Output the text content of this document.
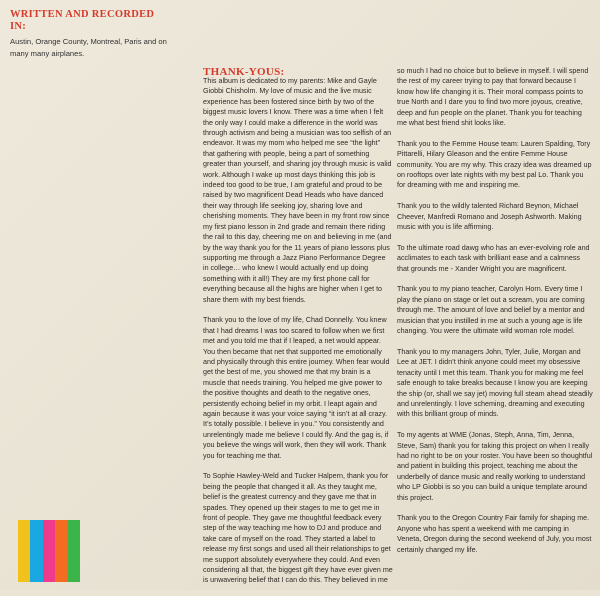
WRITTEN AND RECORDED IN:
Austin, Orange County, Montreal, Paris and on many many airplanes.
THANK-YOUS:

This album is dedicated to my parents: Mike and Gayle Giobbi Chisholm. My love of music and the live music experience has been fostered since birth by two of the biggest music lovers I know. There was a time when I felt the only way I could make a difference in the world was through activism and being a musician was too selfish of an endeavor. It was my mom who helped me see “the light” that gathering with people, being a part of something greater than yourself, and sharing joy through music is valid work. Although I wake up most days thinking this job is indeed too good to be true, I am grateful and proud to be raised by two magnificent Dead Heads who have danced their way through life seeking joy, sharing love and cherishing moments. They have been in my front row since my first piano lesson in 2nd grade and remain there riding the rail to this day, cheering me on and believing in me (and by the way thank you for the 11 years of piano lessons plus supporting me through a Jazz Piano Performance Degree in college… who knew I would actually end up doing something with it all!) They are my first phone call for everything because all the highs are higher when I get to share them with my best friends.

Thank you to the love of my life, Chad Donnelly. You knew that I had dreams I was too scared to follow when we first met and you told me that if I leaped, a net would appear. You then became that net that supported me emotionally and physically through this entire journey. When fear would get the best of me, you showed me that my brain is a muscle that needs training. You helped me give power to the positive thoughts and death to the negative ones, persistently echoing belief in my orbit. I leapt again and again because it was your voice saying “it isn’t at all crazy. It’s totally possible. I believe in you.” You consistently and unrelentingly made me believe I could fly. And the gag is, if you believe the wings will work, then they will work. Thank you for teaching me that.

To Sophie Hawley-Weld and Tucker Halpern, thank you for being the people that changed it all. As they taught me, belief is the greatest currency and they gave me that in spades. They opened up their stages to me to get me in front of people. They gave me thoughtful feedback every step of the way teaching me how to DJ and produce and take care of myself on the road. They started a label to release my first songs and used all their relationships to get me support absolutely everywhere they could. And even considering all that, the biggest gift they have ever given me is unwavering belief that I can do this. They believed in me

so much I had no choice but to believe in myself. I will spend the rest of my career trying to pay that forward because I know how life changing it is. Their moral compass points to true North and I dare you to find two more joyous, creative, deep and fun people on the planet. Thank you for teaching me what best friend shit looks like.

Thank you to the Femme House team: Lauren Spalding, Tory Pittarelli, Hilary Gleason and the entire Femme House community. You are my why. This crazy idea was dreamed up on rooftops over late nights with my best pal Lo. Thank you for dreaming with me and inspiring me.

Thank you to the wildly talented Richard Beynon, Michael Cheever, Manfredi Romano and Joseph Ashworth. Making music with you is life affirming.

To the ultimate road dawg who has an ever-evolving role and acclimates to each task with brilliant ease and a calmness that grounds me - Xander Wright you are magnificent.

Thank you to my piano teacher, Carolyn Horn. Every time I play the piano on stage or let out a scream, you are coming through me. The amount of love and belief by a mentor and musician that you instilled in me at such a young age is life changing. You were the ultimate wild woman role model.

Thank you to my managers John, Tyler, Julie, Morgan and Lee at JET. I didn’t think anyone could meet my obsessive tenacity until I met this team. Thank you for making me feel safe enough to take breaks because I know you are keeping the ship (or, shall we say jet) moving full steam ahead steadily and unrelentingly. I love scheming, dreaming and executing with this brilliant group of minds.

To my agents at WME (Jonas, Steph, Anna, Tim, Jenna, Steve, Sam) thank you for taking this project on when I really had no right to be on your roster. You have been so thoughtful and patient in building this project, teaching me about the underbelly of dance music and really working to understand who LP Giobbi is so you can build a unique template around this project.

Thank you to the Oregon Country Fair family for shaping me. Anyone who has spent a weekend with me camping in Veneta, Oregon during the second weekend of July, you most certainly changed my life.
